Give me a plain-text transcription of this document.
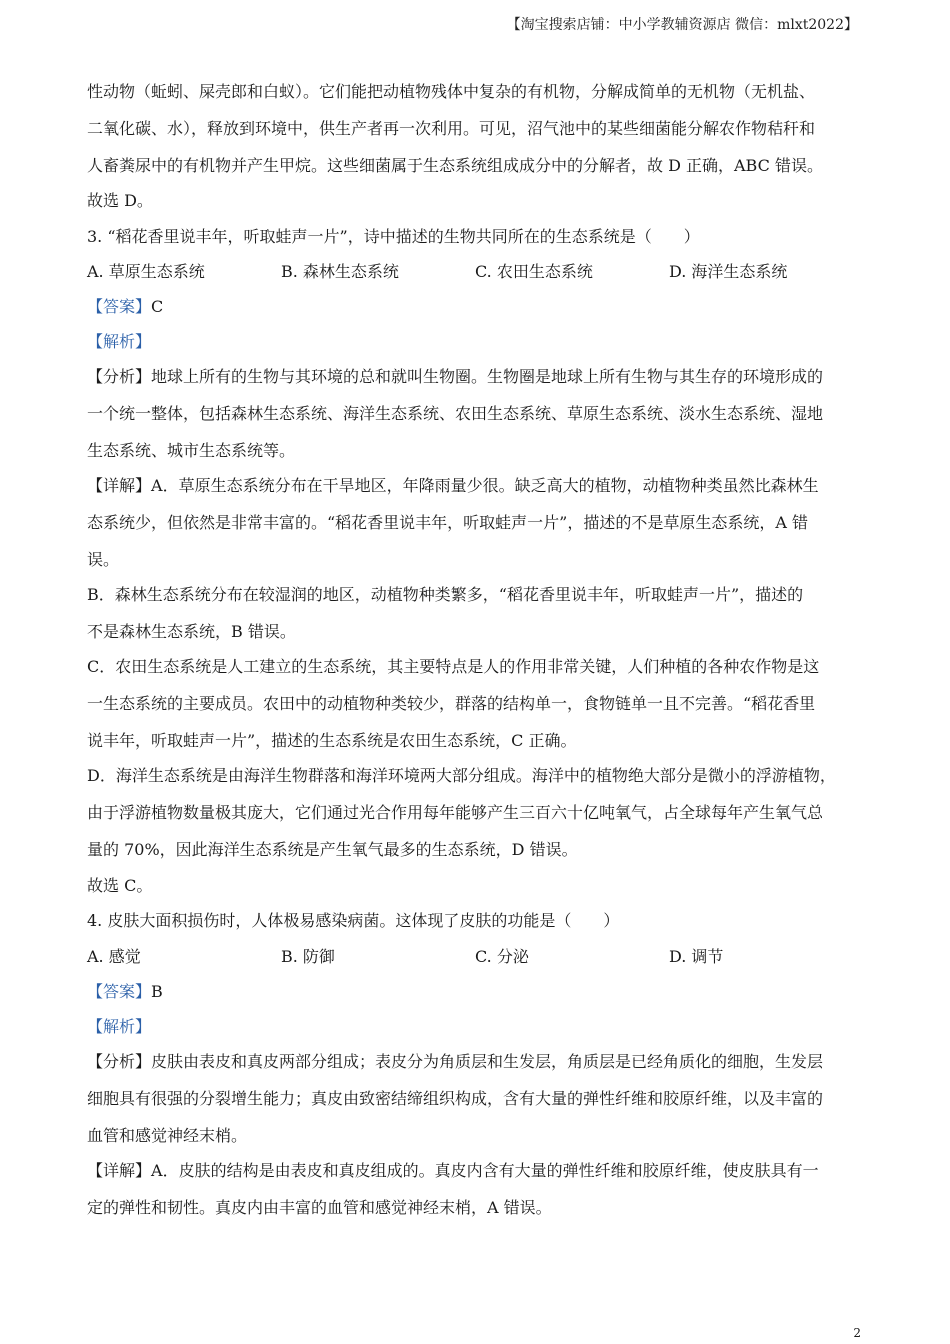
【淘宝搜索店铺：中小学教辅资源店 微信：mlxt2022】
性动物（蚯蚓、屎壳郎和白蚁）。它们能把动植物残体中复杂的有机物，分解成简单的无机物（无机盐、
二氧化碳、水），释放到环境中，供生产者再一次利用。可见，沼气池中的某些细菌能分解农作物秸秆和
人畜粪尿中的有机物并产生甲烷。这些细菌属于生态系统组成成分中的分解者，故 D 正确，ABC 错误。
故选 D。
3. “稻花香里说丰年，听取蛙声一片”，诗中描述的生物共同所在的生态系统是（　　）
A. 草原生态系统	B. 森林生态系统	C. 农田生态系统	D. 海洋生态系统
【答案】C
【解析】
【分析】地球上所有的生物与其环境的总和就叫生物圈。生物圈是地球上所有生物与其生存的环境形成的
一个统一整体，包括森林生态系统、海洋生态系统、农田生态系统、草原生态系统、淡水生态系统、湿地
生态系统、城市生态系统等。
【详解】A．草原生态系统分布在干旱地区，年降雨量少很。缺乏高大的植物，动植物种类虽然比森林生
态系统少，但依然是非常丰富的。“稻花香里说丰年，听取蛙声一片”，描述的不是草原生态系统，A 错
误。
B．森林生态系统分布在较湿润的地区，动植物种类繁多，“稻花香里说丰年，听取蛙声一片”，描述的
不是森林生态系统，B 错误。
C．农田生态系统是人工建立的生态系统，其主要特点是人的作用非常关键，人们种植的各种农作物是这
一生态系统的主要成员。农田中的动植物种类较少，群落的结构单一，食物链单一且不完善。“稻花香里
说丰年，听取蛙声一片”，描述的生态系统是农田生态系统，C 正确。
D．海洋生态系统是由海洋生物群落和海洋环境两大部分组成。海洋中的植物绝大部分是微小的浮游植物，
由于浮游植物数量极其庞大，它们通过光合作用每年能够产生三百六十亿吨氧气，占全球每年产生氧气总
量的 70%，因此海洋生态系统是产生氧气最多的生态系统，D 错误。
故选 C。
4. 皮肤大面积损伤时，人体极易感染病菌。这体现了皮肤的功能是（　　）
A. 感觉	B. 防御	C. 分泌	D. 调节
【答案】B
【解析】
【分析】皮肤由表皮和真皮两部分组成；表皮分为角质层和生发层，角质层是已经角质化的细胞，生发层
细胞具有很强的分裂增生能力；真皮由致密结缔组织构成，含有大量的弹性纤维和胶原纤维，以及丰富的
血管和感觉神经末梢。
【详解】A．皮肤的结构是由表皮和真皮组成的。真皮内含有大量的弹性纤维和胶原纤维，使皮肤具有一
定的弹性和韧性。真皮内由丰富的血管和感觉神经末梢，A 错误。
2
